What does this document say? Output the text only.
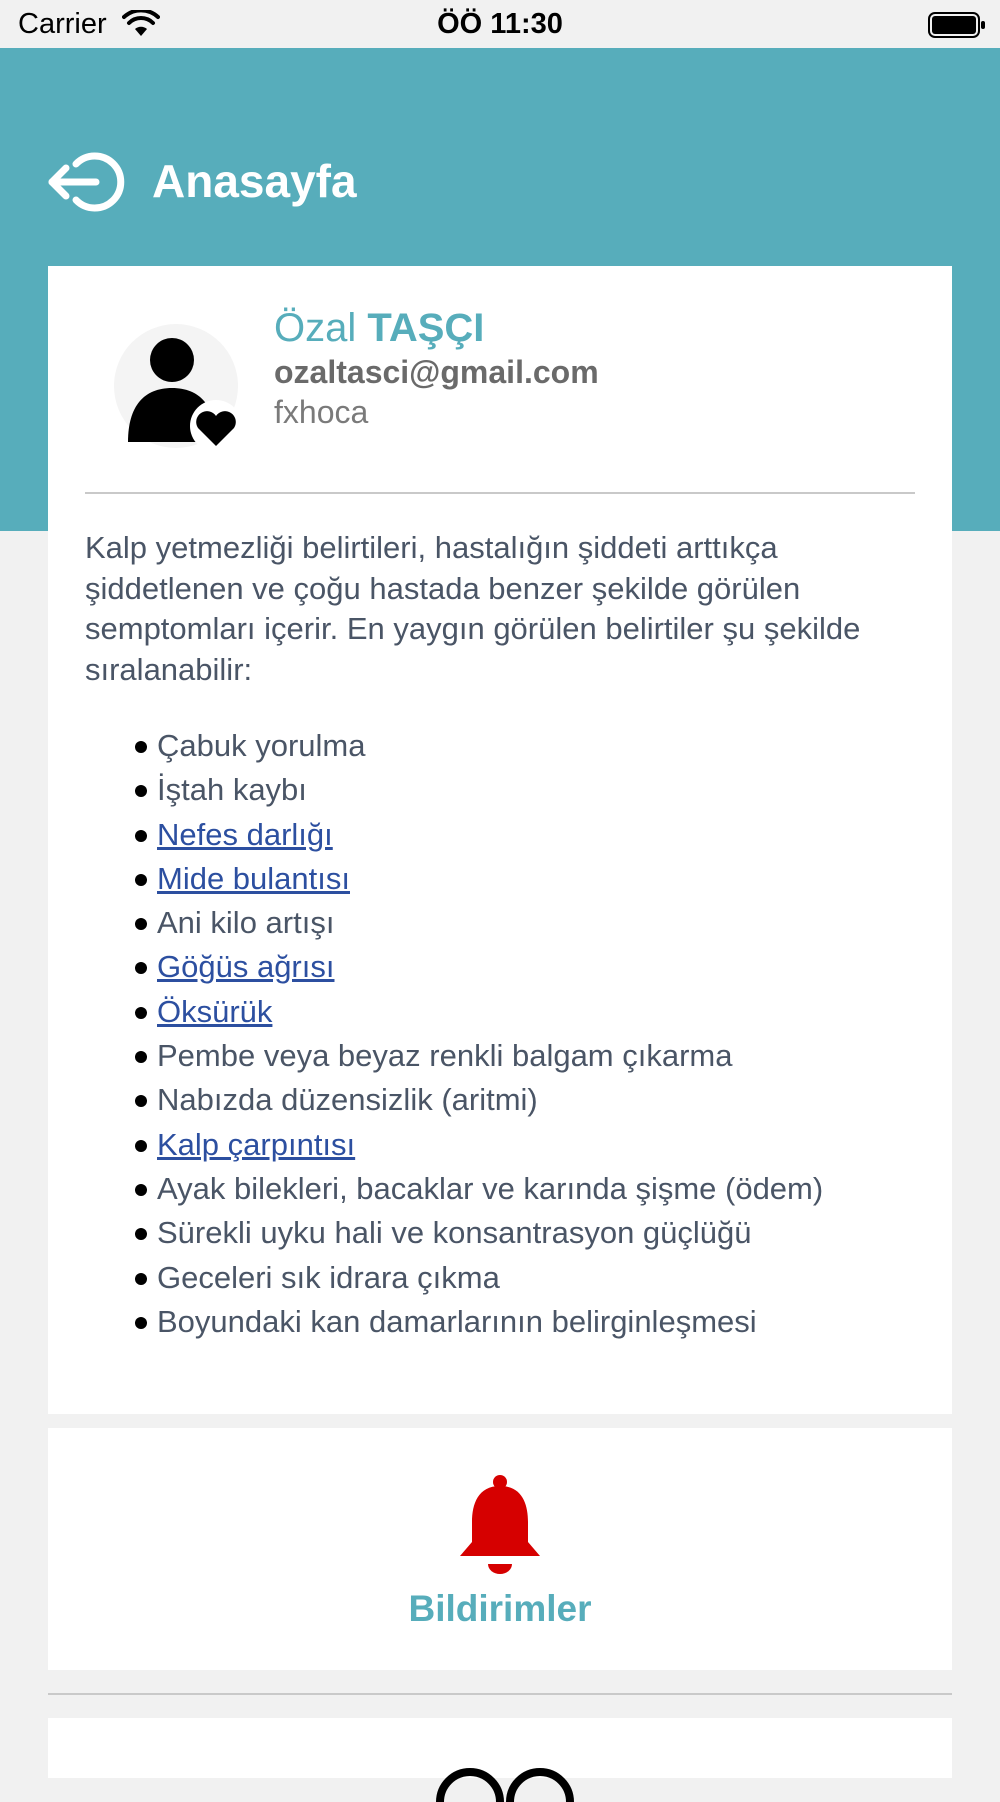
Carrier	ÖÖ 11:30
Anasayfa
Özal TAŞÇI
ozaltasci@gmail.com
fxhoca
Kalp yetmezliği belirtileri, hastalığın şiddeti arttıkça şiddetlenen ve çoğu hastada benzer şekilde görülen semptomları içerir. En yaygın görülen belirtiler şu şekilde sıralanabilir:
Çabuk yorulma
İştah kaybı
Nefes darlığı
Mide bulantısı
Ani kilo artışı
Göğüs ağrısı
Öksürük
Pembe veya beyaz renkli balgam çıkarma
Nabızda düzensizlik (aritmi)
Kalp çarpıntısı
Ayak bilekleri, bacaklar ve karında şişme (ödem)
Sürekli uyku hali ve konsantrasyon güçlüğü
Geceleri sık idrara çıkma
Boyundaki kan damarlarının belirginleşmesi
Bildirimler
